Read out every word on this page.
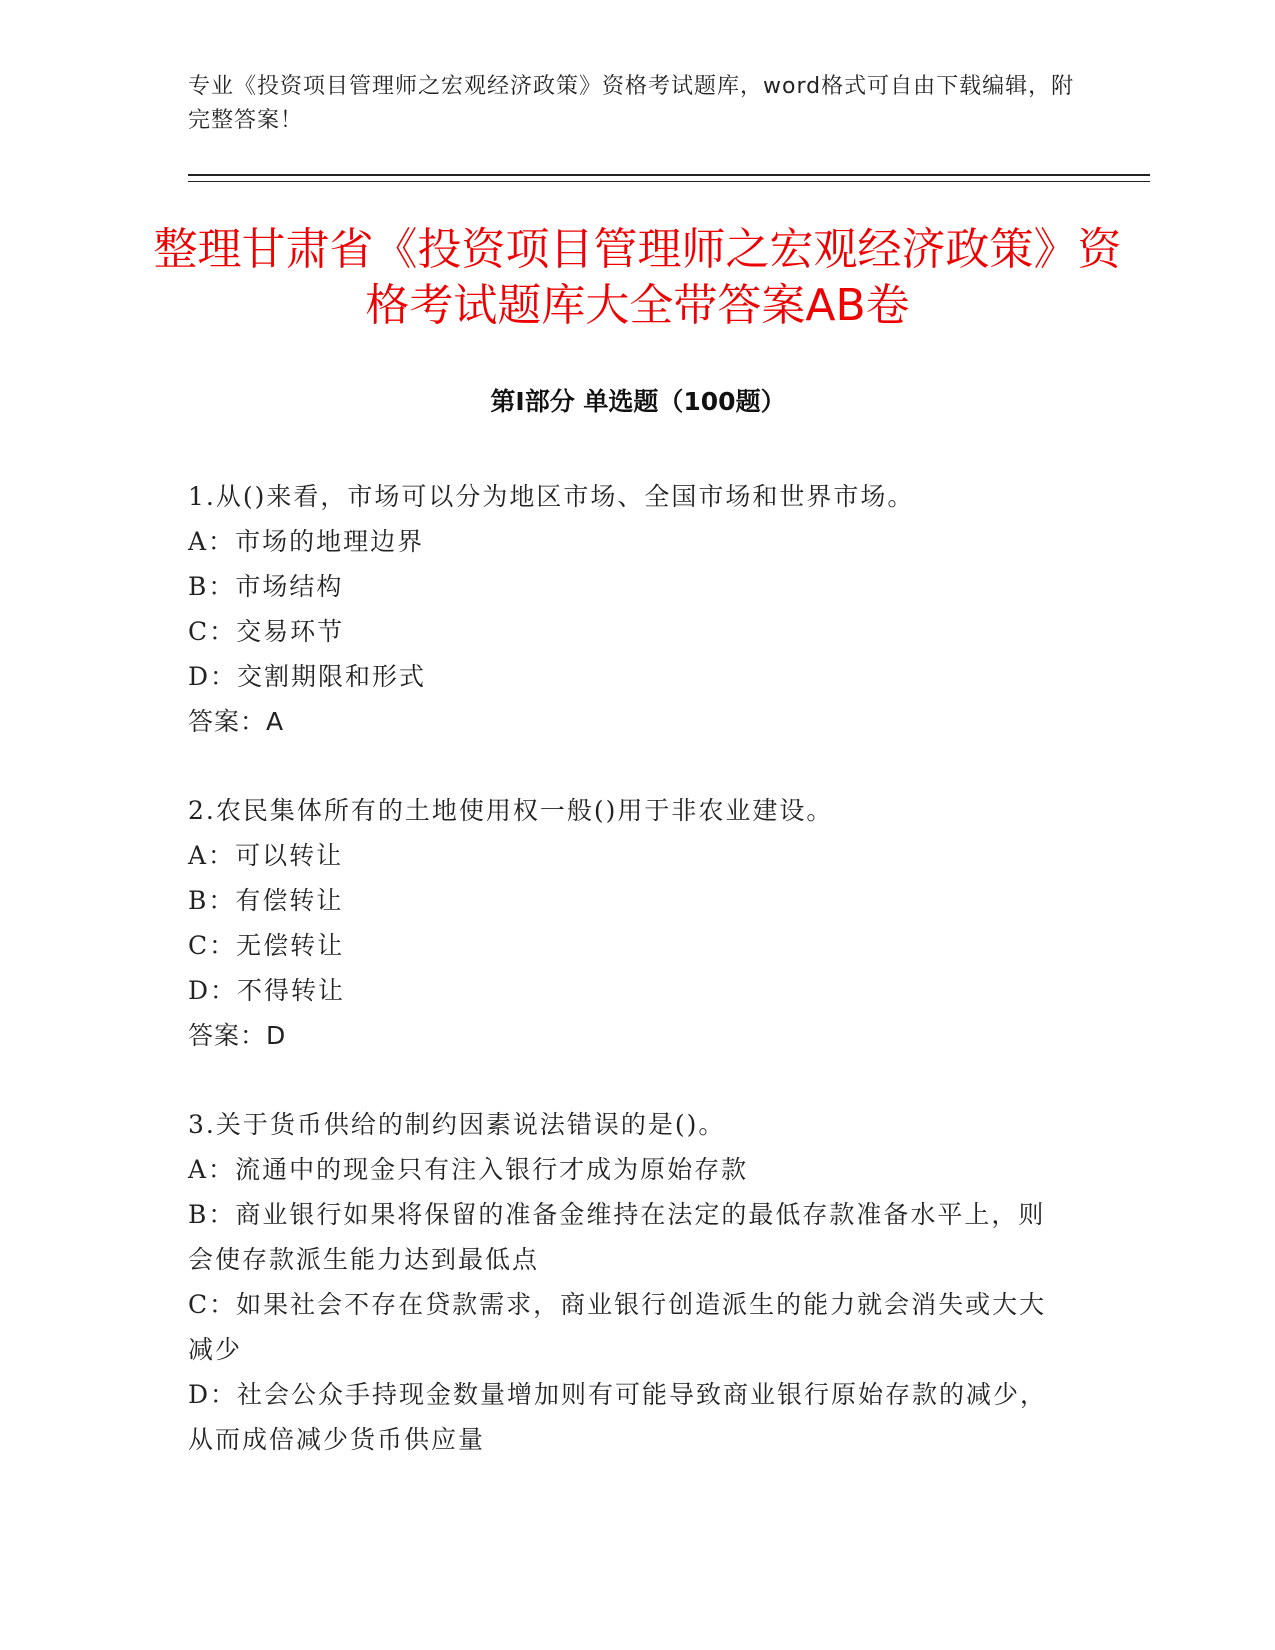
专业《投资项目管理师之宏观经济政策》资格考试题库，word格式可自由下载编辑，附完整答案！
整理甘肃省《投资项目管理师之宏观经济政策》资格考试题库大全带答案AB卷
第I部分 单选题（100题）
1.从()来看，市场可以分为地区市场、全国市场和世界市场。
A：市场的地理边界
B：市场结构
C：交易环节
D：交割期限和形式
答案：A
2.农民集体所有的土地使用权一般()用于非农业建设。
A：可以转让
B：有偿转让
C：无偿转让
D：不得转让
答案：D
3.关于货币供给的制约因素说法错误的是()。
A：流通中的现金只有注入银行才成为原始存款
B：商业银行如果将保留的准备金维持在法定的最低存款准备水平上，则会使存款派生能力达到最低点
C：如果社会不存在贷款需求，商业银行创造派生的能力就会消失或大大减少
D：社会公众手持现金数量增加则有可能导致商业银行原始存款的减少，从而成倍减少货币供应量
